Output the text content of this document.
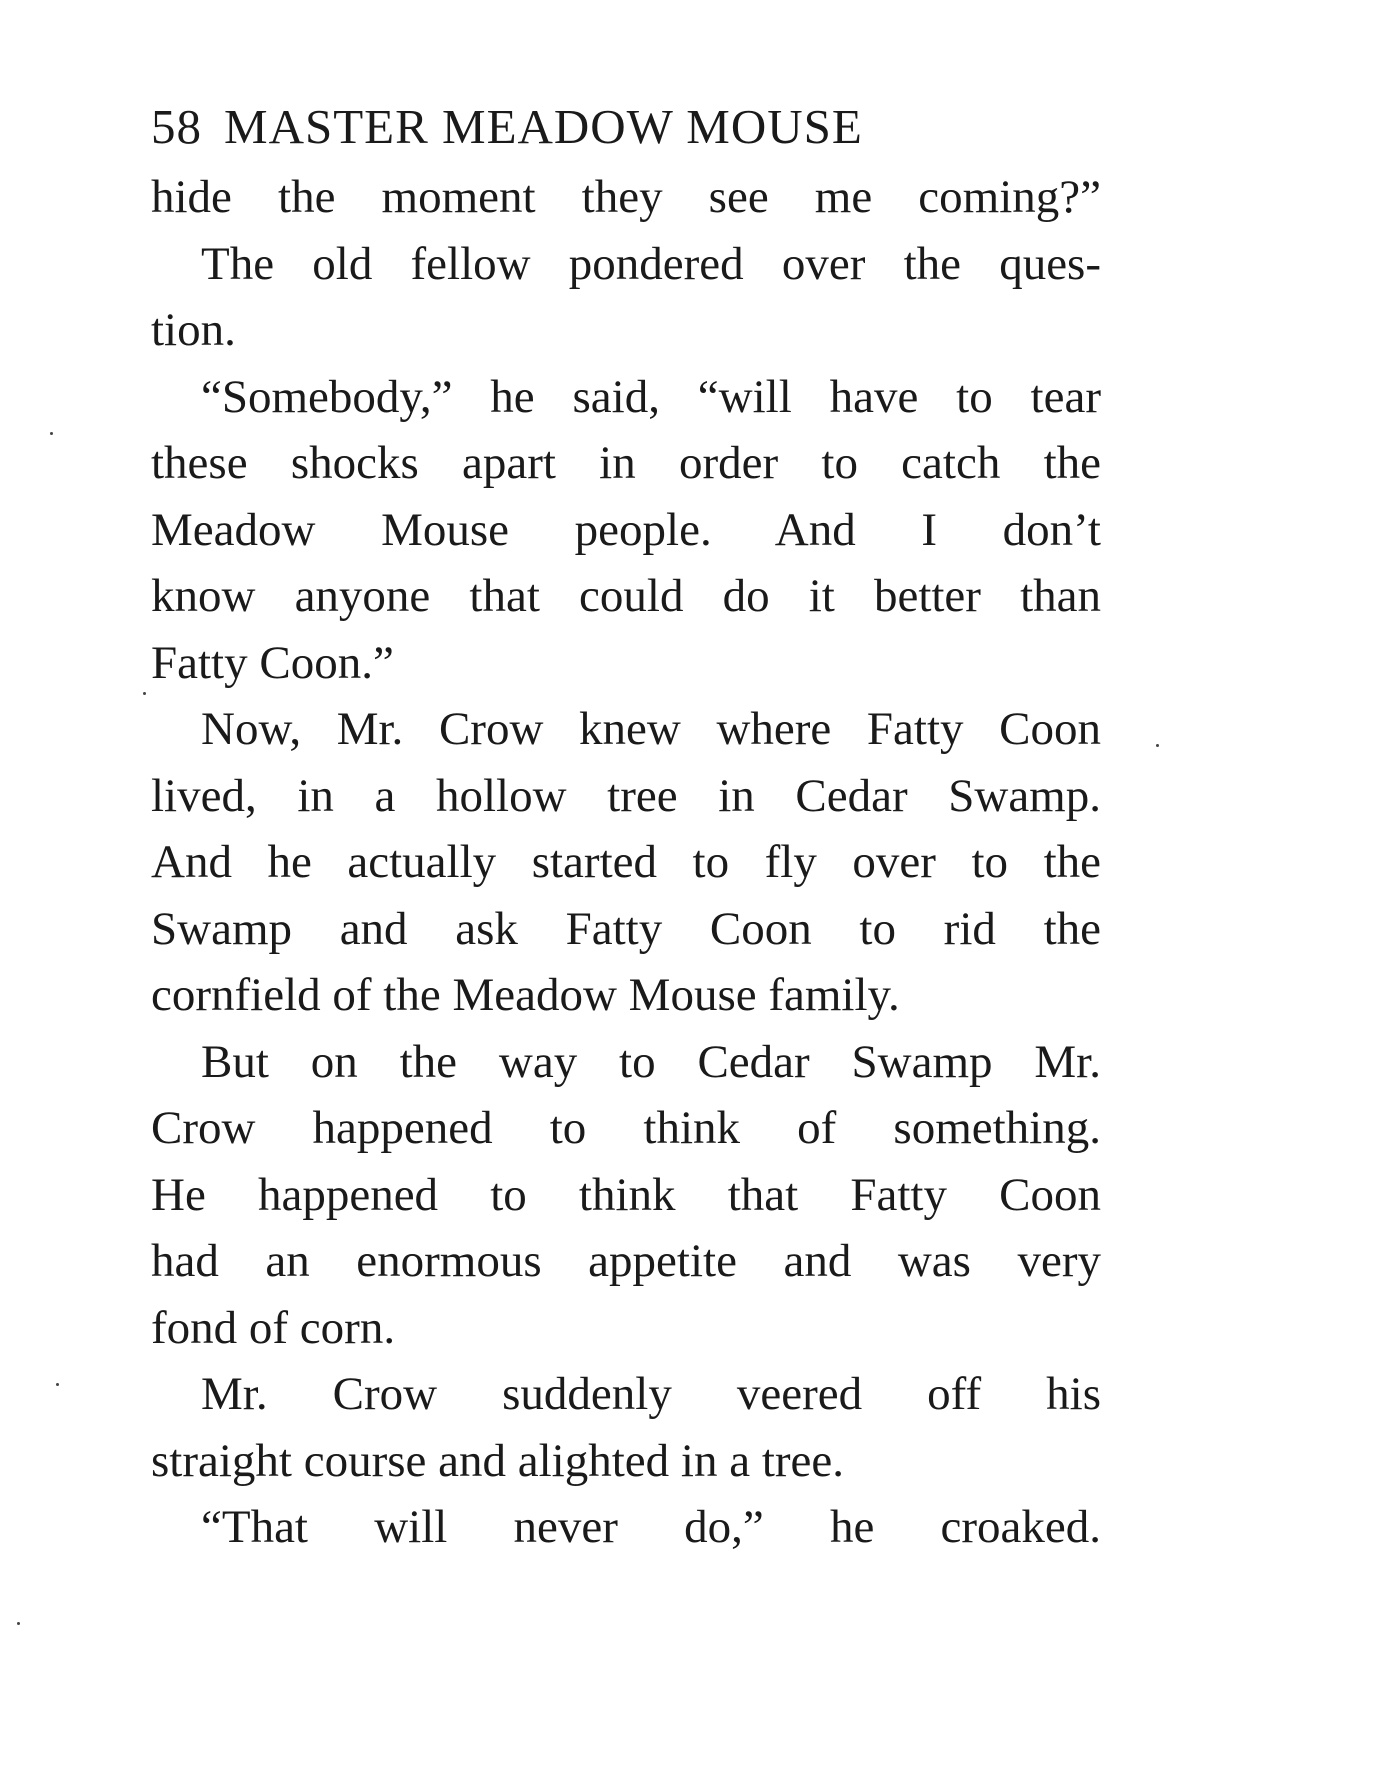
58 MASTER MEADOW MOUSE
hide the moment they see me coming?”
The old fellow pondered over the ques-
tion.
“Somebody,” he said, “will have to tear
these shocks apart in order to catch the
Meadow Mouse people. And I don’t
know anyone that could do it better than
Fatty Coon.”
Now, Mr. Crow knew where Fatty Coon
lived, in a hollow tree in Cedar Swamp.
And he actually started to fly over to the
Swamp and ask Fatty Coon to rid the
cornfield of the Meadow Mouse family.
But on the way to Cedar Swamp Mr.
Crow happened to think of something.
He happened to think that Fatty Coon
had an enormous appetite and was very
fond of corn.
Mr. Crow suddenly veered off his
straight course and alighted in a tree.
“That will never do,” he croaked.
